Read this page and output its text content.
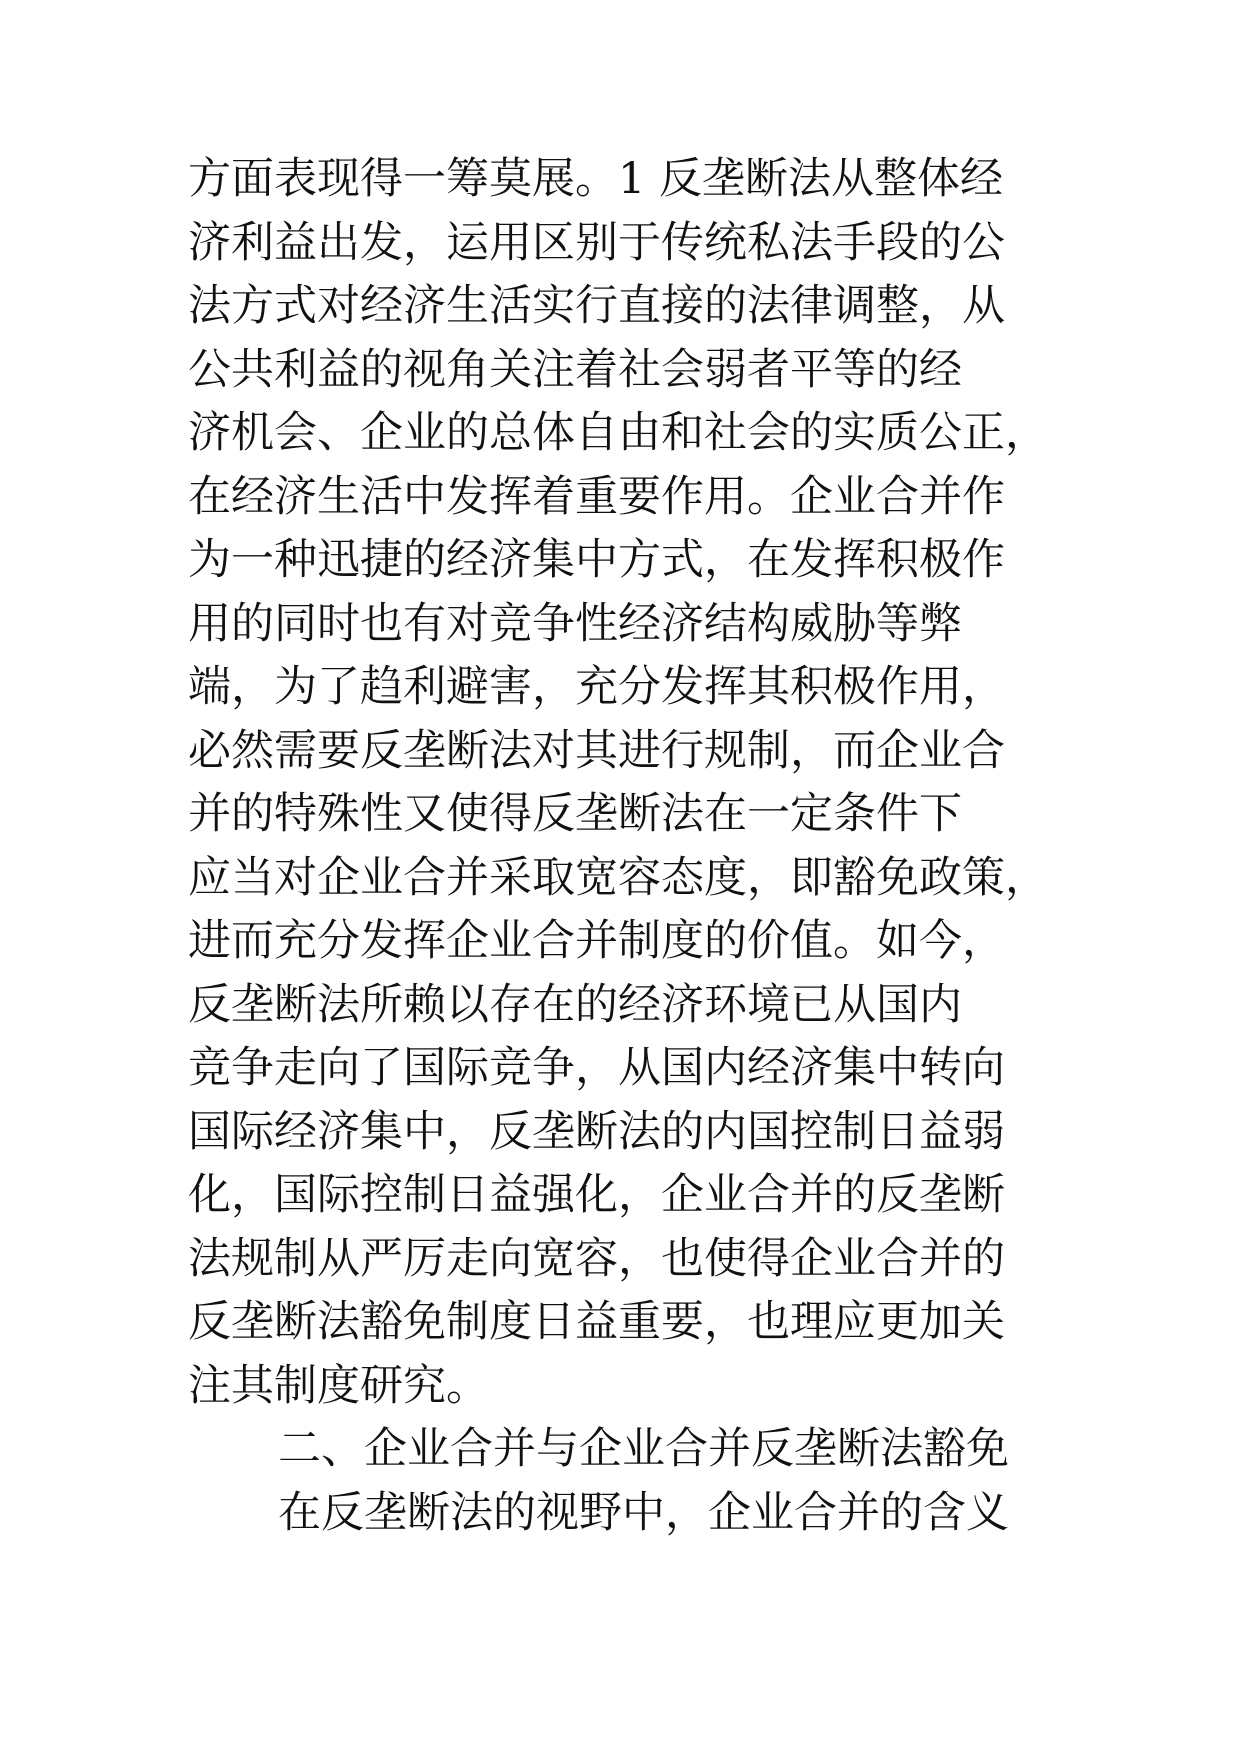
方面表现得一筹莫展。1 反垄断法从整体经
济利益出发，运用区别于传统私法手段的公
法方式对经济生活实行直接的法律调整，从
公共利益的视角关注着社会弱者平等的经
济机会、企业的总体自由和社会的实质公正，
在经济生活中发挥着重要作用。企业合并作
为一种迅捷的经济集中方式，在发挥积极作
用的同时也有对竞争性经济结构威胁等弊
端，为了趋利避害，充分发挥其积极作用，
必然需要反垄断法对其进行规制，而企业合
并的特殊性又使得反垄断法在一定条件下
应当对企业合并采取宽容态度，即豁免政策，
进而充分发挥企业合并制度的价值。如今，
反垄断法所赖以存在的经济环境已从国内
竞争走向了国际竞争，从国内经济集中转向
国际经济集中，反垄断法的内国控制日益弱
化，国际控制日益强化，企业合并的反垄断
法规制从严厉走向宽容，也使得企业合并的
反垄断法豁免制度日益重要，也理应更加关
注其制度研究。
二、企业合并与企业合并反垄断法豁免
在反垄断法的视野中，企业合并的含义
